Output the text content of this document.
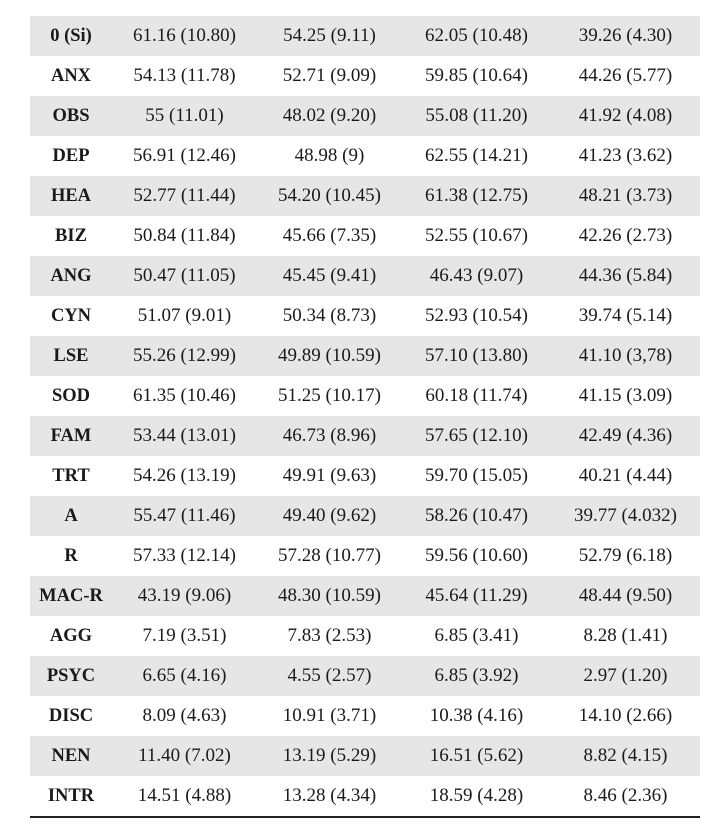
0 (Si)	61.16 (10.80)	54.25 (9.11)	62.05 (10.48)	39.26 (4.30)
ANX	54.13 (11.78)	52.71 (9.09)	59.85 (10.64)	44.26 (5.77)
OBS	55 (11.01)	48.02 (9.20)	55.08 (11.20)	41.92 (4.08)
DEP	56.91 (12.46)	48.98 (9)	62.55 (14.21)	41.23 (3.62)
HEA	52.77 (11.44)	54.20 (10.45)	61.38 (12.75)	48.21 (3.73)
BIZ	50.84 (11.84)	45.66 (7.35)	52.55 (10.67)	42.26 (2.73)
ANG	50.47 (11.05)	45.45 (9.41)	46.43 (9.07)	44.36 (5.84)
CYN	51.07 (9.01)	50.34 (8.73)	52.93 (10.54)	39.74 (5.14)
LSE	55.26 (12.99)	49.89 (10.59)	57.10 (13.80)	41.10 (3,78)
SOD	61.35 (10.46)	51.25 (10.17)	60.18 (11.74)	41.15 (3.09)
FAM	53.44 (13.01)	46.73 (8.96)	57.65 (12.10)	42.49 (4.36)
TRT	54.26 (13.19)	49.91 (9.63)	59.70 (15.05)	40.21 (4.44)
A	55.47 (11.46)	49.40 (9.62)	58.26 (10.47)	39.77 (4.032)
R	57.33 (12.14)	57.28 (10.77)	59.56 (10.60)	52.79 (6.18)
MAC-R	43.19 (9.06)	48.30 (10.59)	45.64 (11.29)	48.44 (9.50)
AGG	7.19 (3.51)	7.83 (2.53)	6.85 (3.41)	8.28 (1.41)
PSYC	6.65 (4.16)	4.55 (2.57)	6.85 (3.92)	2.97 (1.20)
DISC	8.09 (4.63)	10.91 (3.71)	10.38 (4.16)	14.10 (2.66)
NEN	11.40 (7.02)	13.19 (5.29)	16.51 (5.62)	8.82 (4.15)
INTR	14.51 (4.88)	13.28 (4.34)	18.59 (4.28)	8.46 (2.36)
